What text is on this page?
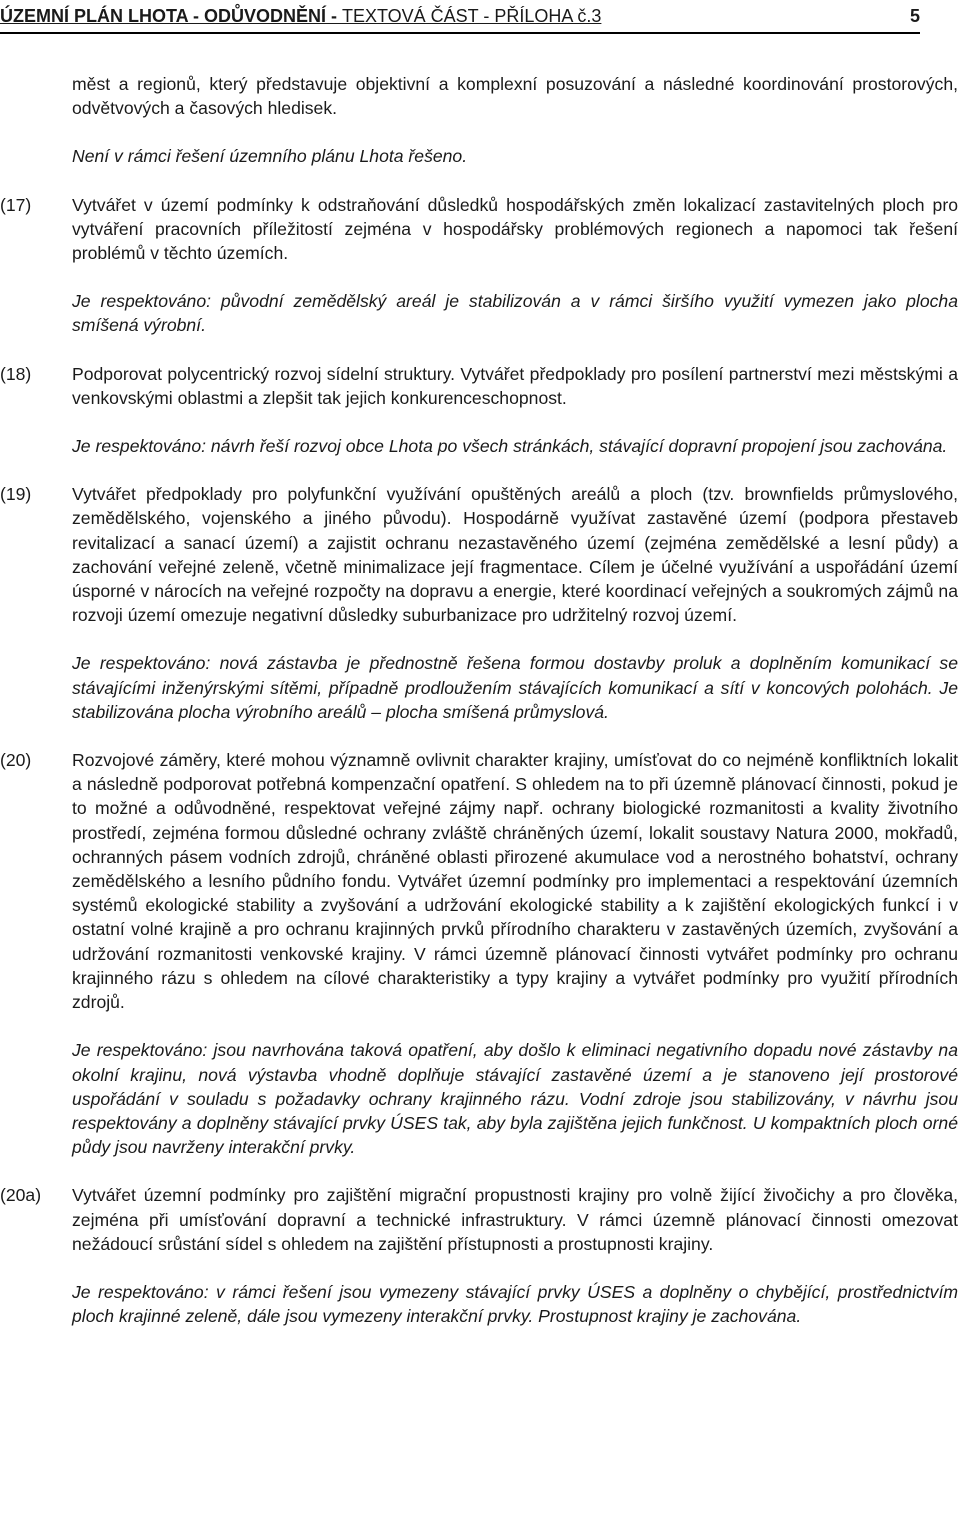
ÚZEMNÍ PLÁN LHOTA - ODŮVODNĚNÍ - TEXTOVÁ ČÁST - PŘÍLOHA č.3	5
měst a regionů, který představuje objektivní a komplexní posuzování a následné koordinování prostorových, odvětvových a časových hledisek.
Není v rámci řešení územního plánu Lhota řešeno.
(17) Vytvářet v území podmínky k odstraňování důsledků hospodářských změn lokalizací zastavitelných ploch pro vytváření pracovních příležitostí zejména v hospodářsky problémových regionech a napomoci tak řešení problémů v těchto územích.
Je respektováno: původní zemědělský areál je stabilizován a v rámci širšího využití vymezen jako plocha smíšená výrobní.
(18) Podporovat polycentrický rozvoj sídelní struktury. Vytvářet předpoklady pro posílení partnerství mezi městskými a venkovskými oblastmi a zlepšit tak jejich konkurenceschopnost.
Je respektováno: návrh řeší rozvoj obce Lhota po všech stránkách, stávající dopravní propojení jsou zachována.
(19) Vytvářet předpoklady pro polyfunkční využívání opuštěných areálů a ploch (tzv. brownfields průmyslového, zemědělského, vojenského a jiného původu). Hospodárně využívat zastavěné území (podpora přestaveb revitalizací a sanací území) a zajistit ochranu nezastavěného území (zejména zemědělské a lesní půdy) a zachování veřejné zeleně, včetně minimalizace její fragmentace. Cílem je účelné využívání a uspořádání území úsporné v nárocích na veřejné rozpočty na dopravu a energie, které koordinací veřejných a soukromých zájmů na rozvoji území omezuje negativní důsledky suburbanizace pro udržitelný rozvoj území.
Je respektováno: nová zástavba je přednostně řešena formou dostavby proluk a doplněním komunikací se stávajícími inženýrskými sítěmi, případně prodloužením stávajících komunikací a sítí v koncových polohách. Je stabilizována plocha výrobního areálů – plocha smíšená průmyslová.
(20) Rozvojové záměry, které mohou významně ovlivnit charakter krajiny, umísťovat do co nejméně konfliktních lokalit a následně podporovat potřebná kompenzační opatření. S ohledem na to při územně plánovací činnosti, pokud je to možné a odůvodněné, respektovat veřejné zájmy např. ochrany biologické rozmanitosti a kvality životního prostředí, zejména formou důsledné ochrany zvláště chráněných území, lokalit soustavy Natura 2000, mokřadů, ochranných pásem vodních zdrojů, chráněné oblasti přirozené akumulace vod a nerostného bohatství, ochrany zemědělského a lesního půdního fondu. Vytvářet územní podmínky pro implementaci a respektování územních systémů ekologické stability a zvyšování a udržování ekologické stability a k zajištění ekologických funkcí i v ostatní volné krajině a pro ochranu krajinných prvků přírodního charakteru v zastavěných územích, zvyšování a udržování rozmanitosti venkovské krajiny. V rámci územně plánovací činnosti vytvářet podmínky pro ochranu krajinného rázu s ohledem na cílové charakteristiky a typy krajiny a vytvářet podmínky pro využití přírodních zdrojů.
Je respektováno: jsou navrhována taková opatření, aby došlo k eliminaci negativního dopadu nové zástavby na okolní krajinu, nová výstavba vhodně doplňuje stávající zastavěné území a je stanoveno její prostorové uspořádání v souladu s požadavky ochrany krajinného rázu. Vodní zdroje jsou stabilizovány, v návrhu jsou respektovány a doplněny stávající prvky ÚSES tak, aby byla zajištěna jejich funkčnost. U kompaktních ploch orné půdy jsou navrženy interakční prvky.
(20a) Vytvářet územní podmínky pro zajištění migrační propustnosti krajiny pro volně žijící živočichy a pro člověka, zejména při umísťování dopravní a technické infrastruktury. V rámci územně plánovací činnosti omezovat nežádoucí srůstání sídel s ohledem na zajištění přístupnosti a prostupnosti krajiny.
Je respektováno: v rámci řešení jsou vymezeny stávající prvky ÚSES a doplněny o chybějící, prostřednictvím ploch krajinné zeleně, dále jsou vymezeny interakční prvky. Prostupnost krajiny je zachována.
